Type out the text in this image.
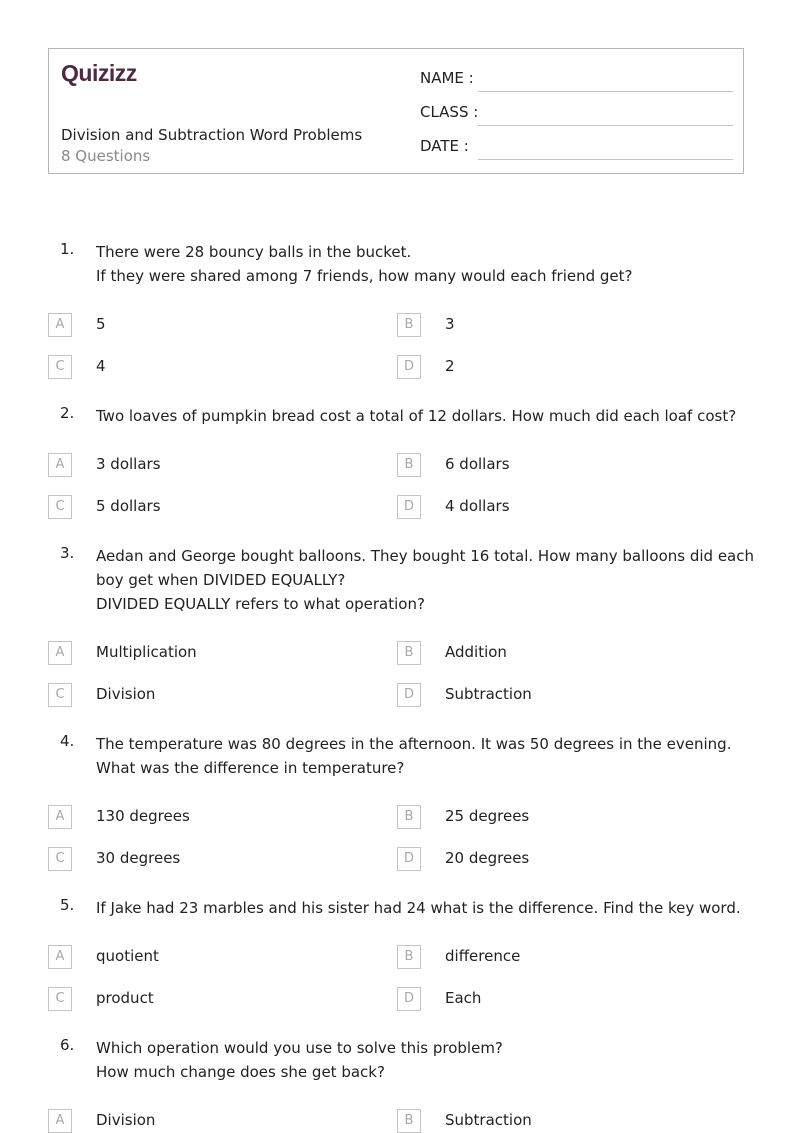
Quizizz
Division and Subtraction Word Problems
8 Questions
NAME :
CLASS :
DATE :
1. There were 28 bouncy balls in the bucket.
If they were shared among 7 friends, how many would each friend get?
2. Two loaves of pumpkin bread cost a total of 12 dollars. How much did each loaf cost?
3. Aedan and George bought balloons. They bought 16 total. How many balloons did each
boy get when DIVIDED EQUALLY?
DIVIDED EQUALLY refers to what operation?
4. The temperature was 80 degrees in the afternoon. It was 50 degrees in the evening.
What was the difference in temperature?
5. If Jake had 23 marbles and his sister had 24 what is the difference. Find the key word.
6. Which operation would you use to solve this problem?
How much change does she get back?
A	5	B	3
C	4	D	2
A	3 dollars	B	6 dollars
C	5 dollars	D	4 dollars
A	Multiplication	B	Addition
C	Division	D	Subtraction
A	130 degrees	B	25 degrees
C	30 degrees	D	20 degrees
A	quotient	B	difference
C	product	D	Each
A	Division	B	Subtraction
